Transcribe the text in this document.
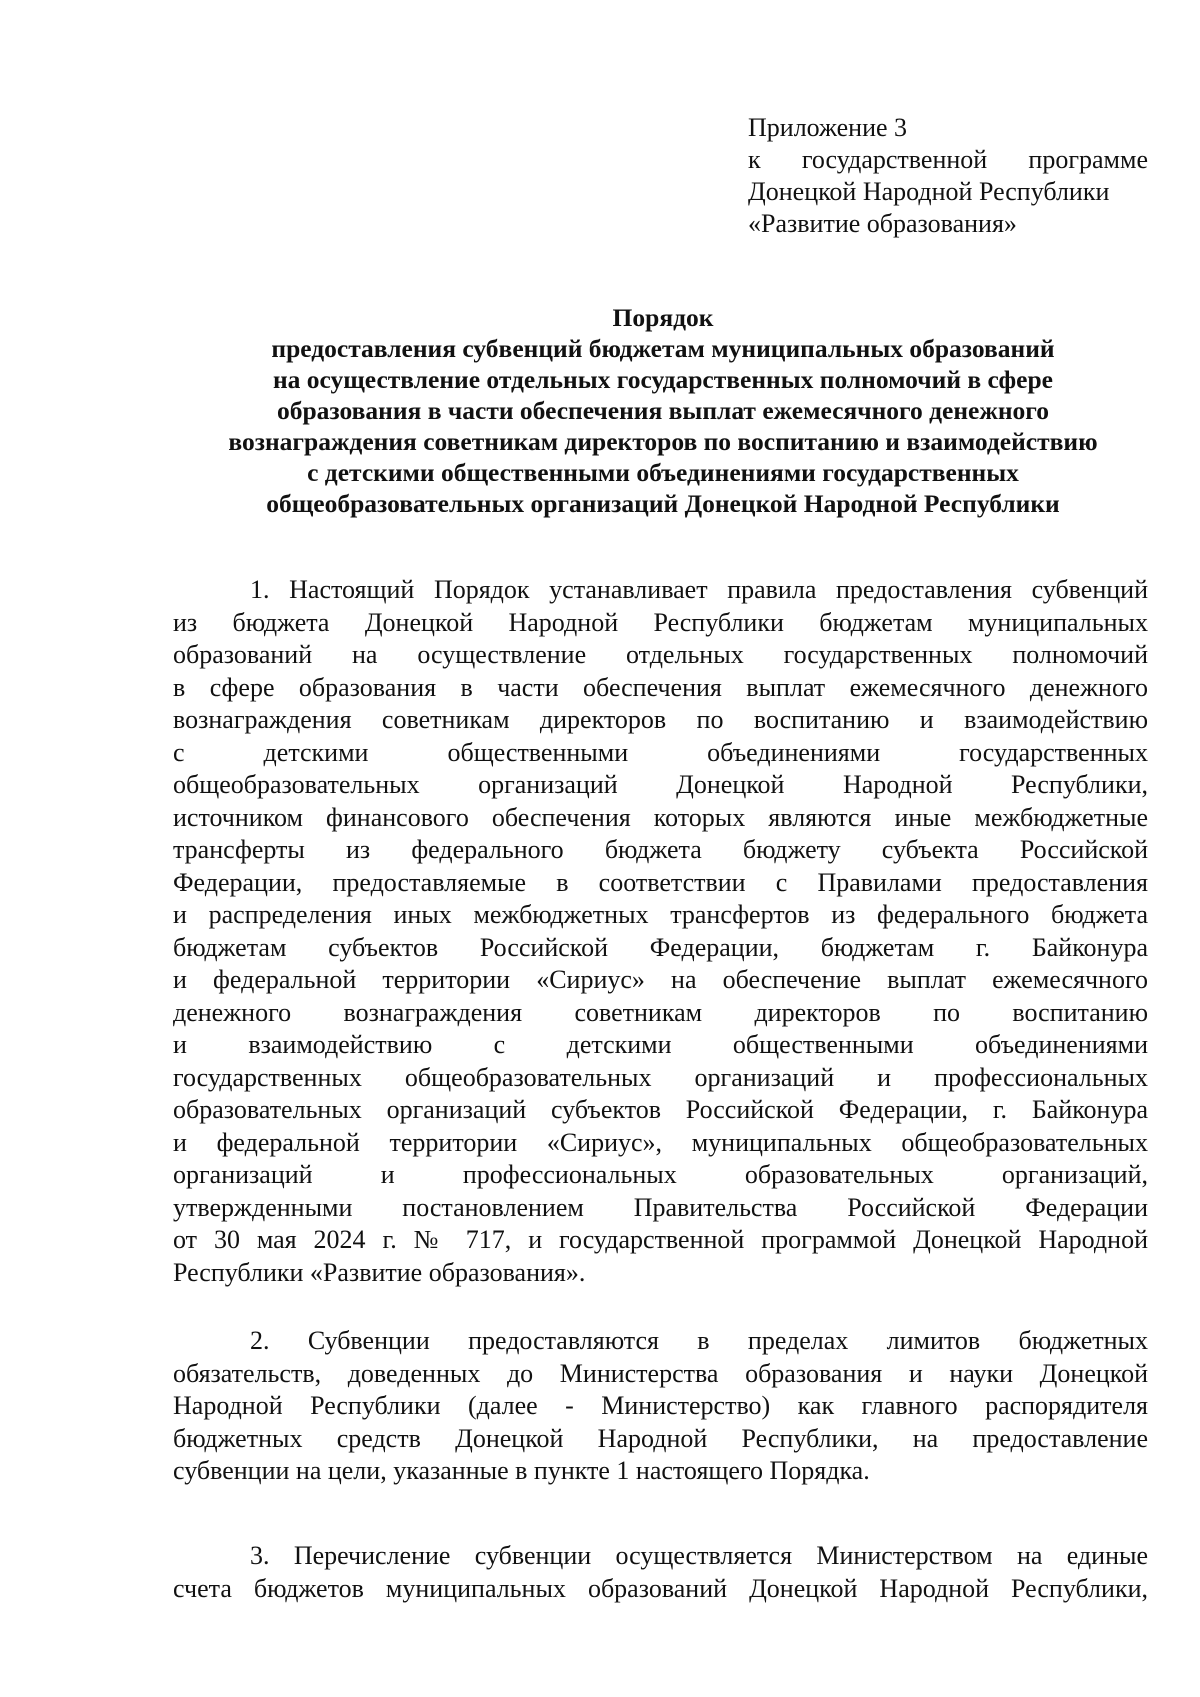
Приложение 3
к государственной программе
Донецкой Народной Республики
«Развитие образования»
Порядок
предоставления субвенций бюджетам муниципальных образований
на осуществление отдельных государственных полномочий в сфере
образования в части обеспечения выплат ежемесячного денежного
вознаграждения советникам директоров по воспитанию и взаимодействию
с детскими общественными объединениями государственных
общеобразовательных организаций Донецкой Народной Республики
1. Настоящий Порядок устанавливает правила предоставления субвенций
из бюджета Донецкой Народной Республики бюджетам муниципальных
образований на осуществление отдельных государственных полномочий
в сфере образования в части обеспечения выплат ежемесячного денежного
вознаграждения советникам директоров по воспитанию и взаимодействию
с детскими общественными объединениями государственных
общеобразовательных организаций Донецкой Народной Республики,
источником финансового обеспечения которых являются иные межбюджетные
трансферты из федерального бюджета бюджету субъекта Российской
Федерации, предоставляемые в соответствии с Правилами предоставления
и распределения иных межбюджетных трансфертов из федерального бюджета
бюджетам субъектов Российской Федерации, бюджетам г. Байконура
и федеральной территории «Сириус» на обеспечение выплат ежемесячного
денежного вознаграждения советникам директоров по воспитанию
и взаимодействию с детскими общественными объединениями
государственных общеобразовательных организаций и профессиональных
образовательных организаций субъектов Российской Федерации, г. Байконура
и федеральной территории «Сириус», муниципальных общеобразовательных
организаций и профессиональных образовательных организаций,
утвержденными постановлением Правительства Российской Федерации
от 30 мая 2024 г. № 717, и государственной программой Донецкой Народной
Республики «Развитие образования».
2. Субвенции предоставляются в пределах лимитов бюджетных
обязательств, доведенных до Министерства образования и науки Донецкой
Народной Республики (далее - Министерство) как главного распорядителя
бюджетных средств Донецкой Народной Республики, на предоставление
субвенции на цели, указанные в пункте 1 настоящего Порядка.
3. Перечисление субвенции осуществляется Министерством на единые
счета бюджетов муниципальных образований Донецкой Народной Республики,
